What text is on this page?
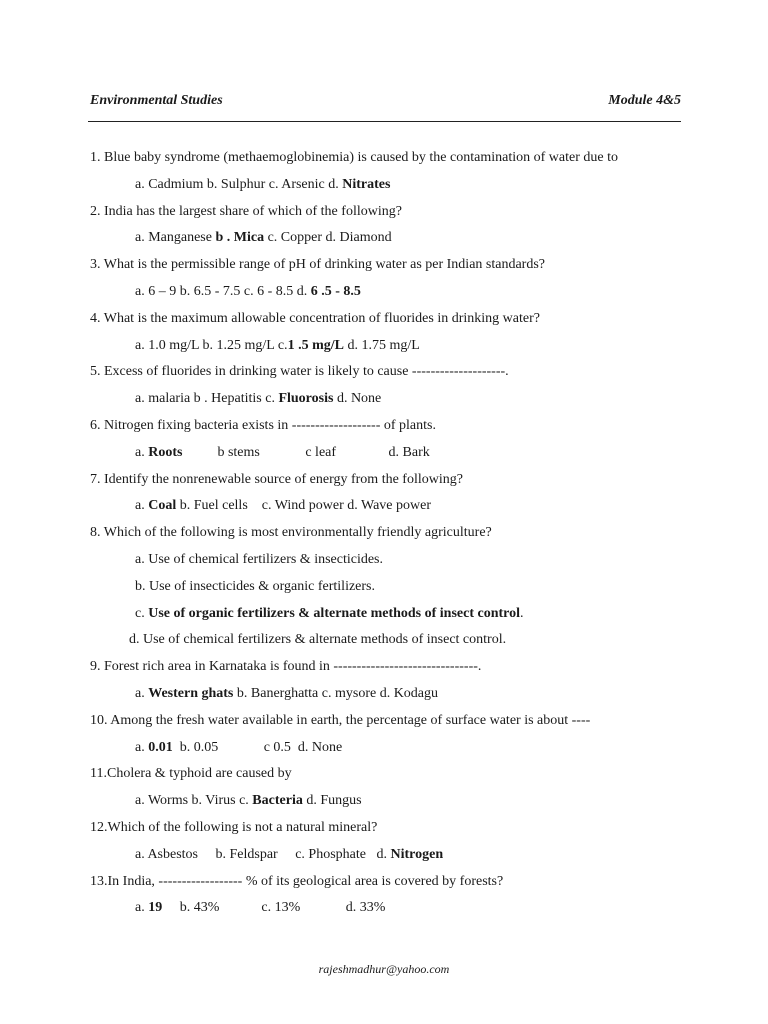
Environmental Studies	Module 4&5
1. Blue baby syndrome (methaemoglobinemia) is caused by the contamination of water due to
a. Cadmium b. Sulphur c. Arsenic d. Nitrates
2. India has the largest share of which of the following?
a. Manganese b . Mica c. Copper d. Diamond
3. What is the permissible range of pH of drinking water as per Indian standards?
a. 6 – 9 b. 6.5 - 7.5 c. 6 - 8.5 d. 6 .5 - 8.5
4. What is the maximum allowable concentration of fluorides in drinking water?
a. 1.0 mg/L b. 1.25 mg/L c.1 .5 mg/L d. 1.75 mg/L
5. Excess of fluorides in drinking water is likely to cause --------------------.
a. malaria b . Hepatitis c. Fluorosis d. None
6. Nitrogen fixing bacteria exists in ------------------- of plants.
a. Roots          b stems             c leaf               d. Bark
7. Identify the nonrenewable source of energy from the following?
a. Coal b. Fuel cells    c. Wind power d. Wave power
8. Which of the following is most environmentally friendly agriculture?
a. Use of chemical fertilizers & insecticides.
b. Use of insecticides & organic fertilizers.
c. Use of organic fertilizers & alternate methods of insect control.
d. Use of chemical fertilizers & alternate methods of insect control.
9. Forest rich area in Karnataka is found in -------------------------------.
a. Western ghats b. Banerghatta c. mysore d. Kodagu
10. Among the fresh water available in earth, the percentage of surface water is about ----
a. 0.01  b. 0.05             c 0.5  d. None
11.Cholera & typhoid are caused by
a. Worms b. Virus c. Bacteria d. Fungus
12.Which of the following is not a natural mineral?
a. Asbestos     b. Feldspar     c. Phosphate   d. Nitrogen
13.In India, ------------------ % of its geological area is covered by forests?
a. 19     b. 43%            c. 13%             d. 33%
rajeshmadhur@yahoo.com
